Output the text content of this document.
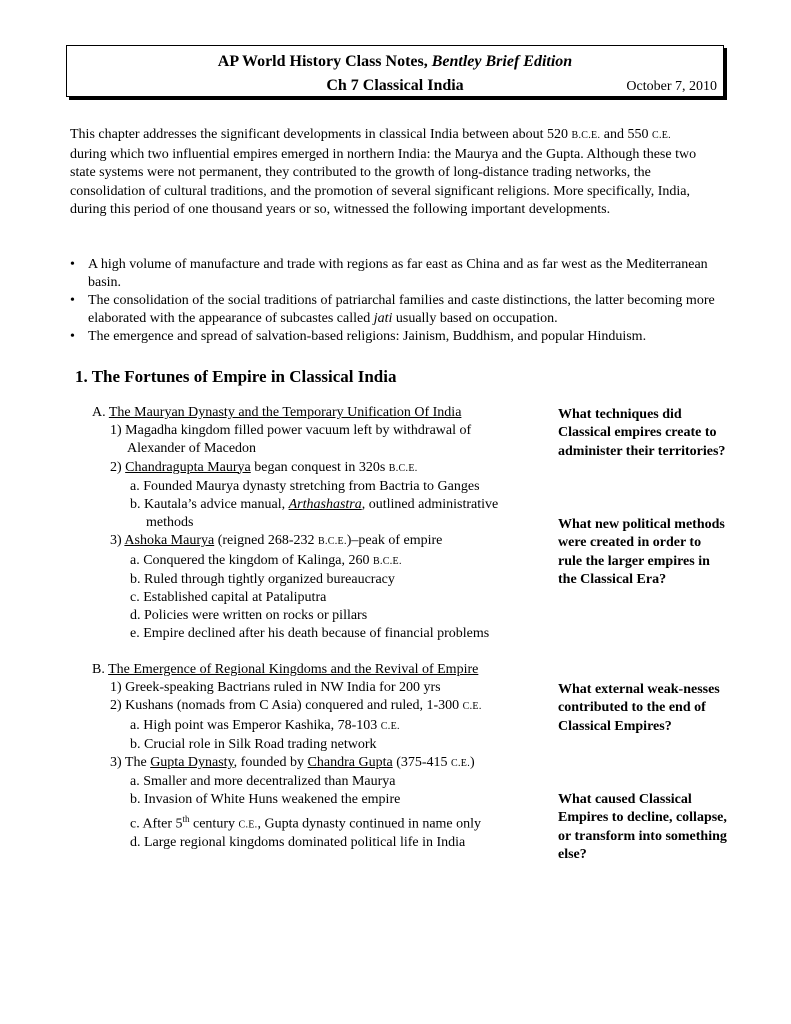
AP World History Class Notes, Bentley Brief Edition
Ch 7 Classical India	October 7, 2010

This chapter addresses the significant developments in classical India between about 520 B.C.E. and 550 C.E. during which two influential empires emerged in northern India: the Maurya and the Gupta. Although these two state systems were not permanent, they contributed to the growth of long-distance trading networks, the consolidation of cultural traditions, and the promotion of several significant religions. More specifically, India, during this period of one thousand years or so, witnessed the following important developments.

• A high volume of manufacture and trade with regions as far east as China and as far west as the Mediterranean basin.
• The consolidation of the social traditions of patriarchal families and caste distinctions, the latter becoming more elaborated with the appearance of subcastes called jati usually based on occupation.
• The emergence and spread of salvation-based religions: Jainism, Buddhism, and popular Hinduism.
1. The Fortunes of Empire in Classical India
A. The Mauryan Dynasty and the Temporary Unification Of India
1) Magadha kingdom filled power vacuum left by withdrawal of
Alexander of Macedon
2) Chandragupta Maurya began conquest in 320s B.C.E.
a. Founded Maurya dynasty stretching from Bactria to Ganges
b. Kautala’s advice manual, Arthashastra, outlined administrative
methods
3) Ashoka Maurya (reigned 268-232 B.C.E.)–peak of empire
a. Conquered the kingdom of Kalinga, 260 B.C.E.
b. Ruled through tightly organized bureaucracy
c. Established capital at Pataliputra
d. Policies were written on rocks or pillars
e. Empire declined after his death because of financial problems
B. The Emergence of Regional Kingdoms and the Revival of Empire
1) Greek-speaking Bactrians ruled in NW India for 200 yrs
2) Kushans (nomads from C Asia) conquered and ruled, 1-300 C.E.
a. High point was Emperor Kashika, 78-103 C.E.
b. Crucial role in Silk Road trading network
3) The Gupta Dynasty, founded by Chandra Gupta (375-415 C.E.)
a. Smaller and more decentralized than Maurya
b. Invasion of White Huns weakened the empire
c. After 5th century C.E., Gupta dynasty continued in name only
d. Large regional kingdoms dominated political life in India
What techniques did Classical empires create to administer their territories?
What new political methods were created in order to rule the larger empires in the Classical Era?
What external weak-nesses contributed to the end of Classical Empires?
What caused Classical Empires to decline, collapse, or transform into something else?
